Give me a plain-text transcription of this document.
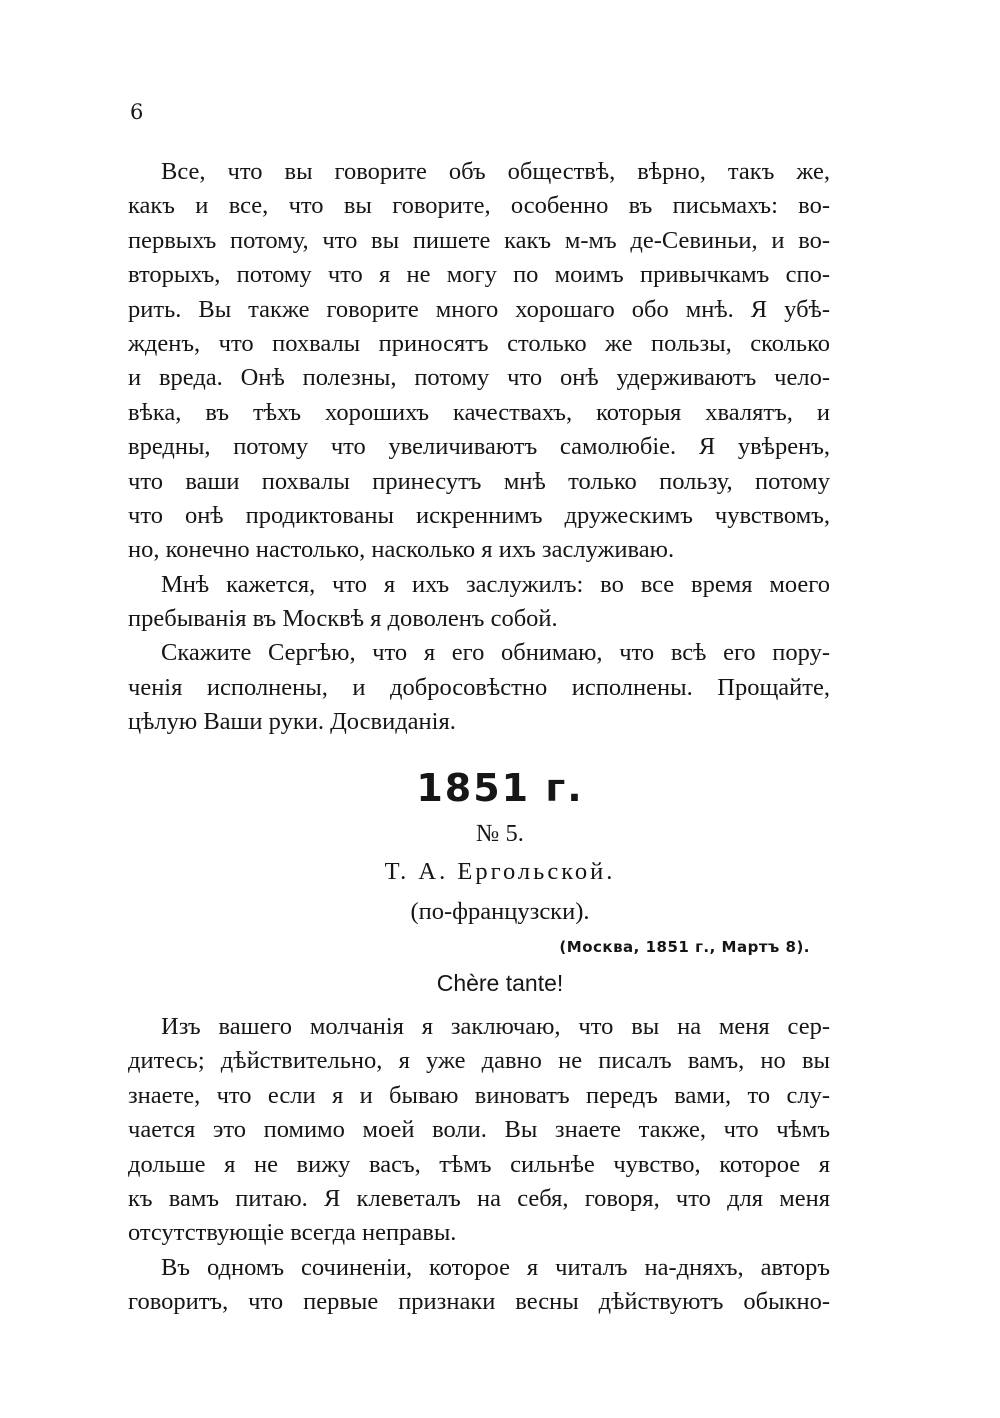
6
Все, что вы говорите объ обществѣ, вѣрно, такъ же,
какъ и все, что вы говорите, особенно въ письмахъ: во-
первыхъ потому, что вы пишете какъ м-мъ де-Севиньи, и во-
вторыхъ, потому что я не могу по моимъ привычкамъ спо-
рить. Вы также говорите много хорошаго обо мнѣ. Я убѣ-
жденъ, что похвалы приносятъ столько же пользы, сколько
и вреда. Онѣ полезны, потому что онѣ удерживаютъ чело-
вѣка, въ тѣхъ хорошихъ качествахъ, которыя хвалятъ, и
вредны, потому что увеличиваютъ самолюбіе. Я увѣренъ,
что ваши похвалы принесутъ мнѣ только пользу, потому
что онѣ продиктованы искреннимъ дружескимъ чувствомъ,
но, конечно настолько, насколько я ихъ заслуживаю.
Мнѣ кажется, что я ихъ заслужилъ: во все время моего
пребыванія въ Москвѣ я доволенъ собой.
Скажите Сергѣю, что я его обнимаю, что всѣ его пору-
ченія исполнены, и добросовѣстно исполнены. Прощайте,
цѣлую Ваши руки. Досвиданія.
1851 г.
№ 5.
Т. А. Ергольской.
(по-французски).
(Москва, 1851 г., Мартъ 8).
Chère tante!
Изъ вашего молчанія я заключаю, что вы на меня сер-
дитесь; дѣйствительно, я уже давно не писалъ вамъ, но вы
знаете, что если я и бываю виноватъ передъ вами, то слу-
чается это помимо моей воли. Вы знаете также, что чѣмъ
дольше я не вижу васъ, тѣмъ сильнѣе чувство, которое я
къ вамъ питаю. Я клеветалъ на себя, говоря, что для меня
отсутствующіе всегда неправы.
Въ одномъ сочиненіи, которое я читалъ на-дняхъ, авторъ
говоритъ, что первые признаки весны дѣйствуютъ обыкно-
